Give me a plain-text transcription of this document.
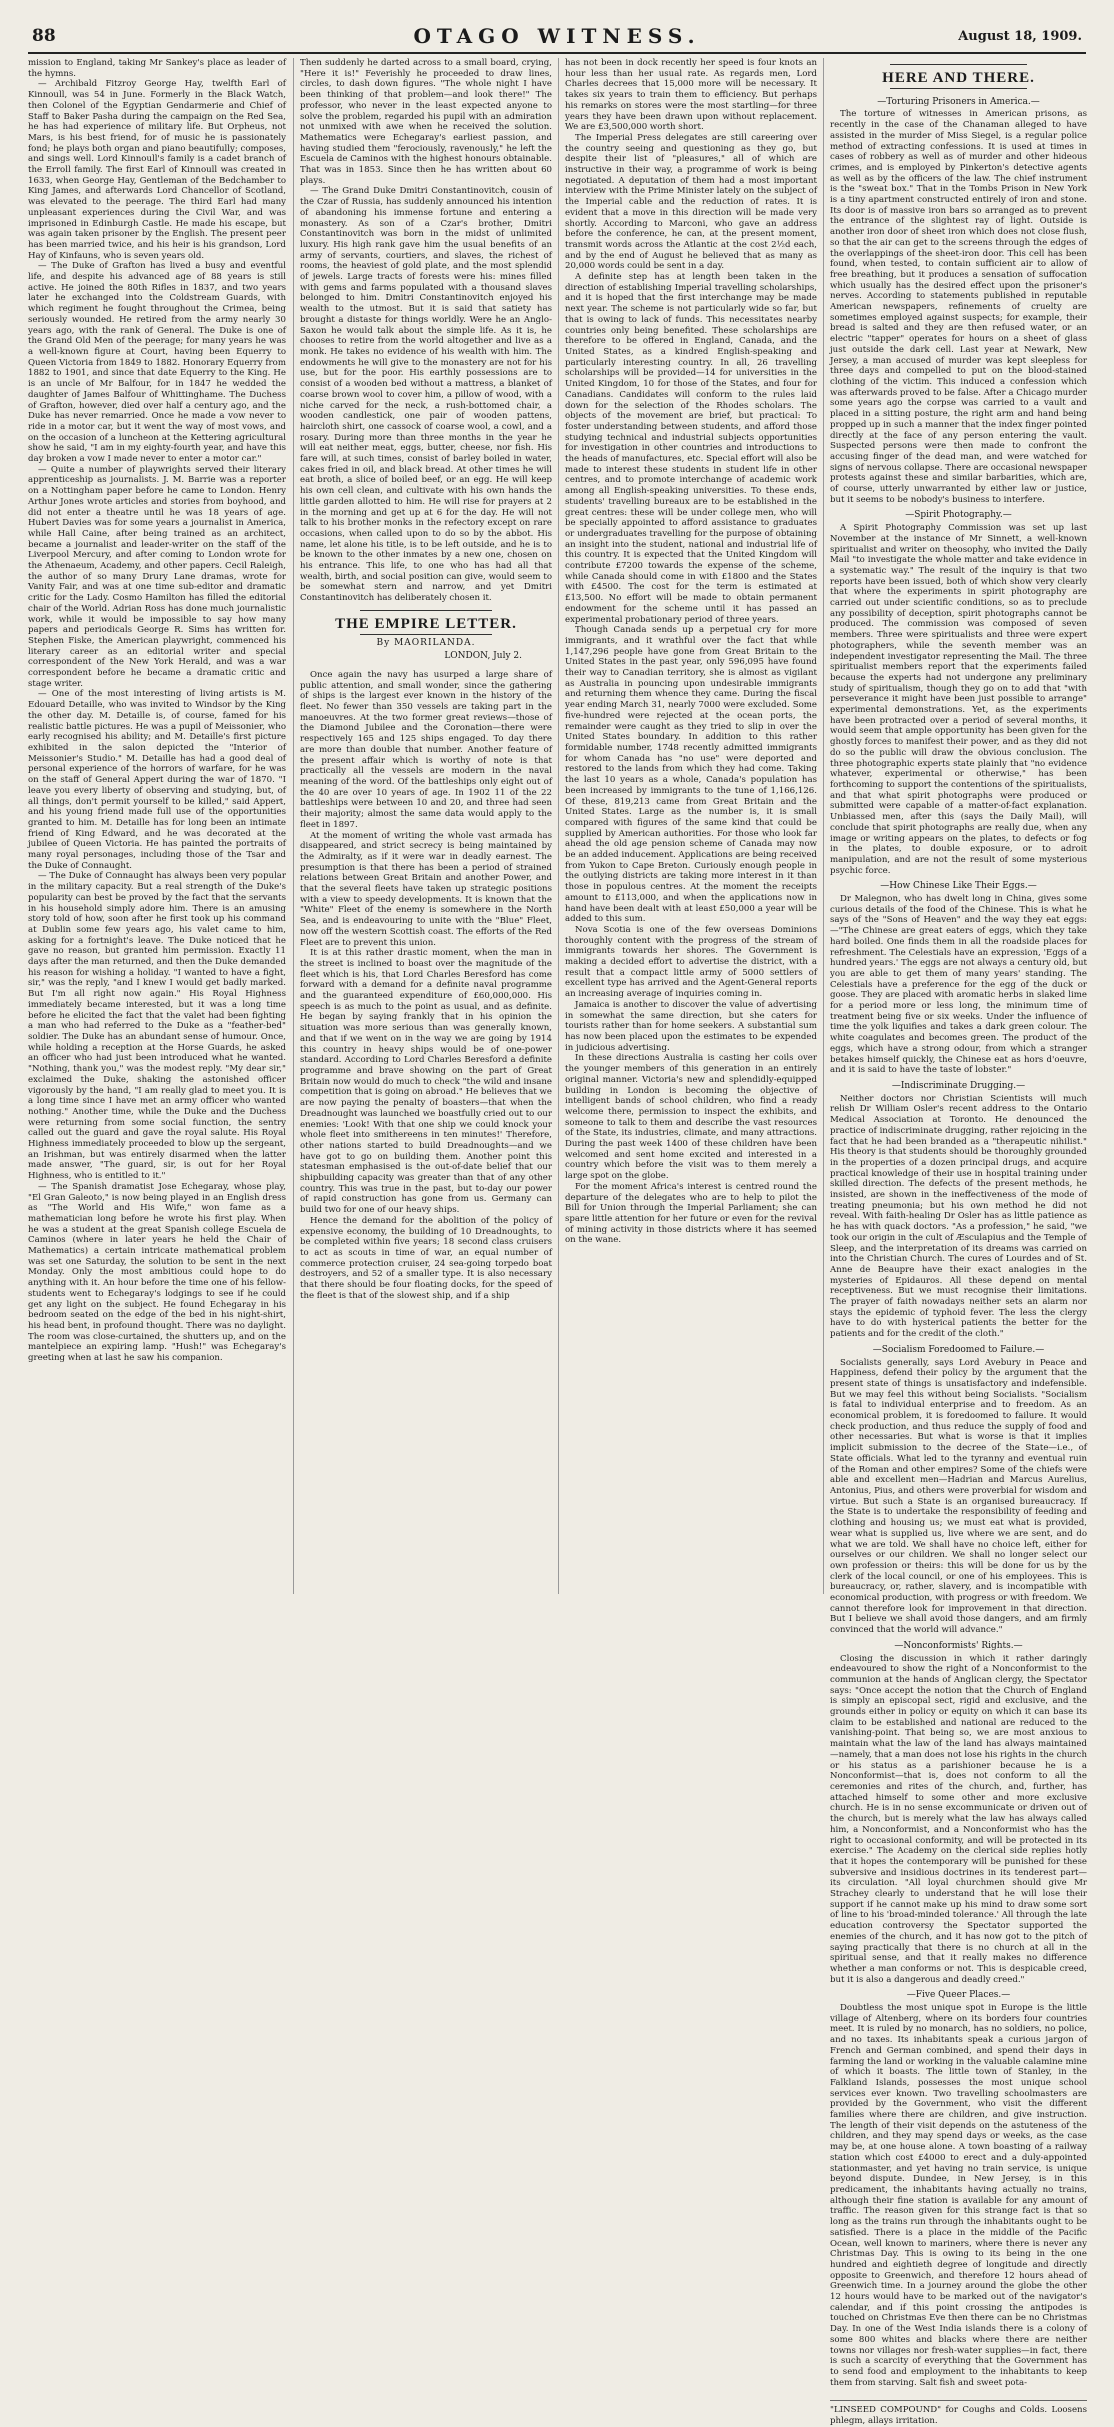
88	OTAGO WITNESS.	August 18, 1909.

mission to England, taking Mr Sankey's place as leader of the hymns.

— Archibald Fitzroy George Hay, twelfth Earl of Kinnoull, was 54 in June. Formerly in the Black Watch, then Colonel of the Egyptian Gendarmerie and Chief of Staff to Baker Pasha during the campaign on the Red Sea, he has had experience of military life. But Orpheus, not Mars, is his best friend, for of music he is passionately fond; he plays both organ and piano beautifully; composes, and sings well. Lord Kinnoull's family is a cadet branch of the Erroll family. The first Earl of Kinnoull was created in 1633, when George Hay, Gentleman of the Bedchamber to King James, and afterwards Lord Chancellor of Scotland, was elevated to the peerage. The third Earl had many unpleasant experiences during the Civil War, and was imprisoned in Edinburgh Castle. He made his escape, but was again taken prisoner by the English. The present peer has been married twice, and his heir is his grandson, Lord Hay of Kinfauns, who is seven years old.

— The Duke of Grafton has lived a busy and eventful life, and despite his advanced age of 88 years is still active. He joined the 80th Rifles in 1837, and two years later he exchanged into the Coldstream Guards, with which regiment he fought throughout the Crimea, being seriously wounded. He retired from the army nearly 30 years ago, with the rank of General. The Duke is one of the Grand Old Men of the peerage; for many years he was a well-known figure at Court, having been Equerry to Queen Victoria from 1849 to 1882. Honorary Equerry from 1882 to 1901, and since that date Equerry to the King. He is an uncle of Mr Balfour, for in 1847 he wedded the daughter of James Balfour of Whittinghame. The Duchess of Grafton, however, died over half a century ago, and the Duke has never remarried. Once he made a vow never to ride in a motor car, but it went the way of most vows, and on the occasion of a luncheon at the Kettering agricultural show he said, "I am in my eighty-fourth year, and have this day broken a vow I made never to enter a motor car."

— Quite a number of playwrights served their literary apprenticeship as journalists. J. M. Barrie was a reporter on a Nottingham paper before he came to London. Henry Arthur Jones wrote articles and stories from boyhood, and did not enter a theatre until he was 18 years of age. Hubert Davies was for some years a journalist in America, while Hall Caine, after being trained as an architect, became a journalist and leader-writer on the staff of the Liverpool Mercury, and after coming to London wrote for the Athenaeum, Academy, and other papers. Cecil Raleigh, the author of so many Drury Lane dramas, wrote for Vanity Fair, and was at one time sub-editor and dramatic critic for the Lady. Cosmo Hamilton has filled the editorial chair of the World. Adrian Ross has done much journalistic work, while it would be impossible to say how many papers and periodicals George R. Sims has written for. Stephen Fiske, the American playwright, commenced his literary career as an editorial writer and special correspondent of the New York Herald, and was a war correspondent before he became a dramatic critic and stage writer.

— One of the most interesting of living artists is M. Edouard Detaille, who was invited to Windsor by the King the other day. M. Detaille is, of course, famed for his realistic battle pictures. He was a pupil of Meissonier, who early recognised his ability; and M. Detaille's first picture exhibited in the salon depicted the "Interior of Meissonier's Studio." M. Detaille has had a good deal of personal experience of the horrors of warfare, for he was on the staff of General Appert during the war of 1870. "I leave you every liberty of observing and studying, but, of all things, don't permit yourself to be killed," said Appert, and his young friend made full use of the opportunities granted to him. M. Detaille has for long been an intimate friend of King Edward, and he was decorated at the jubilee of Queen Victoria. He has painted the portraits of many royal personages, including those of the Tsar and the Duke of Connaught.

— The Duke of Connaught has always been very popular in the military capacity. But a real strength of the Duke's popularity can best be proved by the fact that the servants in his household simply adore him. There is an amusing story told of how, soon after he first took up his command at Dublin some few years ago, his valet came to him, asking for a fortnight's leave. The Duke noticed that he gave no reason, but granted him permission. Exactly 11 days after the man returned, and then the Duke demanded his reason for wishing a holiday. "I wanted to have a fight, sir," was the reply, "and I knew I would get badly marked. But I'm all right now again." His Royal Highness immediately became interested, but it was a long time before he elicited the fact that the valet had been fighting a man who had referred to the Duke as a "feather-bed" soldier. The Duke has an abundant sense of humour. Once, while holding a reception at the Horse Guards, he asked an officer who had just been introduced what he wanted. "Nothing, thank you," was the modest reply. "My dear sir," exclaimed the Duke, shaking the astonished officer vigorously by the hand, "I am really glad to meet you. It is a long time since I have met an army officer who wanted nothing." Another time, while the Duke and the Duchess were returning from some social function, the sentry called out the guard and gave the royal salute. His Royal Highness immediately proceeded to blow up the sergeant, an Irishman, but was entirely disarmed when the latter made answer, "The guard, sir, is out for her Royal Highness, who is entitled to it."

— The Spanish dramatist Jose Echegaray, whose play, "El Gran Galeoto," is now being played in an English dress as "The World and His Wife," won fame as a mathematician long before he wrote his first play. When he was a student at the great Spanish college Escuela de Caminos (where in later years he held the Chair of Mathematics) a certain intricate mathematical problem was set one Saturday, the solution to be sent in the next Monday. Only the most ambitious could hope to do anything with it. An hour before the time one of his fellow-students went to Echegaray's lodgings to see if he could get any light on the subject. He found Echegaray in his bedroom seated on the edge of the bed in his night-shirt, his head bent, in profound thought. There was no daylight. The room was close-curtained, the shutters up, and on the mantelpiece an expiring lamp. "Hush!" was Echegaray's greeting when at last he saw his companion.

Then suddenly he darted across to a small board, crying, "Here it is!" Feverishly he proceeded to draw lines, circles, to dash down figures. "The whole night I have been thinking of that problem—and look there!" The professor, who never in the least expected anyone to solve the problem, regarded his pupil with an admiration not unmixed with awe when he received the solution. Mathematics were Echegaray's earliest passion, and having studied them "ferociously, ravenously," he left the Escuela de Caminos with the highest honours obtainable. That was in 1853. Since then he has written about 60 plays.

— The Grand Duke Dmitri Constantinovitch, cousin of the Czar of Russia, has suddenly announced his intention of abandoning his immense fortune and entering a monastery. As son of a Czar's brother, Dmitri Constantinovitch was born in the midst of unlimited luxury. His high rank gave him the usual benefits of an army of servants, courtiers, and slaves, the richest of rooms, the heaviest of gold plate, and the most splendid of jewels. Large tracts of forests were his: mines filled with gems and farms populated with a thousand slaves belonged to him. Dmitri Constantinovitch enjoyed his wealth to the utmost. But it is said that satiety has brought a distaste for things worldly. Were he an Anglo-Saxon he would talk about the simple life. As it is, he chooses to retire from the world altogether and live as a monk. He takes no evidence of his wealth with him. The endowments he will give to the monastery are not for his use, but for the poor. His earthly possessions are to consist of a wooden bed without a mattress, a blanket of coarse brown wool to cover him, a pillow of wood, with a niche carved for the neck, a rush-bottomed chair, a wooden candlestick, one pair of wooden pattens, haircloth shirt, one cassock of coarse wool, a cowl, and a rosary. During more than three months in the year he will eat neither meat, eggs, butter, cheese, nor fish. His fare will, at such times, consist of barley boiled in water, cakes fried in oil, and black bread. At other times he will eat broth, a slice of boiled beef, or an egg. He will keep his own cell clean, and cultivate with his own hands the little garden allotted to him. He will rise for prayers at 2 in the morning and get up at 6 for the day. He will not talk to his brother monks in the refectory except on rare occasions, when called upon to do so by the abbot. His name, let alone his title, is to be left outside, and he is to be known to the other inmates by a new one, chosen on his entrance. This life, to one who has had all that wealth, birth, and social position can give, would seem to be somewhat stern and narrow, and yet Dmitri Constantinovitch has deliberately chosen it.

THE EMPIRE LETTER.
By MAORILANDA.
LONDON, July 2.

Once again the navy has usurped a large share of public attention, and small wonder, since the gathering of ships is the largest ever known in the history of the fleet. No fewer than 350 vessels are taking part in the manoeuvres. At the two former great reviews—those of the Diamond Jubilee and the Coronation—there were respectively 165 and 125 ships engaged. To day there are more than double that number. Another feature of the present affair which is worthy of note is that practically all the vessels are modern in the naval meaning of the word. Of the battleships only eight out of the 40 are over 10 years of age. In 1902 11 of the 22 battleships were between 10 and 20, and three had seen their majority; almost the same data would apply to the fleet in 1897.

At the moment of writing the whole vast armada has disappeared, and strict secrecy is being maintained by the Admiralty, as if it were war in deadly earnest. The presumption is that there has been a period of strained relations between Great Britain and another Power, and that the several fleets have taken up strategic positions with a view to speedy developments. It is known that the "White" Fleet of the enemy is somewhere in the North Sea, and is endeavouring to unite with the "Blue" Fleet, now off the western Scottish coast. The efforts of the Red Fleet are to prevent this union.

It is at this rather drastic moment, when the man in the street is inclined to boast over the magnitude of the fleet which is his, that Lord Charles Beresford has come forward with a demand for a definite naval programme and the guaranteed expenditure of £60,000,000. His speech is as much to the point as usual, and as definite. He began by saying frankly that in his opinion the situation was more serious than was generally known, and that if we went on in the way we are going by 1914 this country in heavy ships would be of one-power standard. According to Lord Charles Beresford a definite programme and brave showing on the part of Great Britain now would do much to check "the wild and insane competition that is going on abroad." He believes that we are now paying the penalty of boasters—that when the Dreadnought was launched we boastfully cried out to our enemies: 'Look! With that one ship we could knock your whole fleet into smithereens in ten minutes!' Therefore, other nations started to build Dreadnoughts—and we have got to go on building them. Another point this statesman emphasised is the out-of-date belief that our shipbuilding capacity was greater than that of any other country. This was true in the past, but to-day our power of rapid construction has gone from us. Germany can build two for one of our heavy ships.

Hence the demand for the abolition of the policy of expensive economy, the building of 10 Dreadnoughts, to be completed within five years; 18 second class cruisers to act as scouts in time of war, an equal number of commerce protection cruiser, 24 sea-going torpedo boat destroyers, and 52 of a smaller type. It is also necessary that there should be four floating docks, for the speed of the fleet is that of the slowest ship, and if a ship

has not been in dock recently her speed is four knots an hour less than her usual rate. As regards men, Lord Charles decrees that 15,000 more will be necessary. It takes six years to train them to efficiency. But perhaps his remarks on stores were the most startling—for three years they have been drawn upon without replacement. We are £3,500,000 worth short.

The Imperial Press delegates are still careering over the country seeing and questioning as they go, but despite their list of "pleasures," all of which are instructive in their way, a programme of work is being negotiated. A deputation of them had a most important interview with the Prime Minister lately on the subject of the Imperial cable and the reduction of rates. It is evident that a move in this direction will be made very shortly. According to Marconi, who gave an address before the conference, he can, at the present moment, transmit words across the Atlantic at the cost 2½d each, and by the end of August he believed that as many as 20,000 words could be sent in a day.

A definite step has at length been taken in the direction of establishing Imperial travelling scholarships, and it is hoped that the first interchange may be made next year. The scheme is not particularly wide so far, but that is owing to lack of funds. This necessitates nearby countries only being benefited. These scholarships are therefore to be offered in England, Canada, and the United States, as a kindred English-speaking and particularly interesting country. In all, 26 travelling scholarships will be provided—14 for universities in the United Kingdom, 10 for those of the States, and four for Canadians. Candidates will conform to the rules laid down for the selection of the Rhodes scholars. The objects of the movement are brief, but practical: To foster understanding between students, and afford those studying technical and industrial subjects opportunities for investigation in other countries and introductions to the heads of manufactures, etc. Special effort will also be made to interest these students in student life in other centres, and to promote interchange of academic work among all English-speaking universities. To these ends, students' travelling bureaux are to be established in the great centres: these will be under college men, who will be specially appointed to afford assistance to graduates or undergraduates travelling for the purpose of obtaining an insight into the student, national and industrial life of this country. It is expected that the United Kingdom will contribute £7200 towards the expense of the scheme, while Canada should come in with £1800 and the States with £4500. The cost for the term is estimated at £13,500. No effort will be made to obtain permanent endowment for the scheme until it has passed an experimental probationary period of three years.

Though Canada sends up a perpetual cry for more immigrants, and it wrathful over the fact that while 1,147,296 people have gone from Great Britain to the United States in the past year, only 596,095 have found their way to Canadian territory, she is almost as vigilant as Australia in pouncing upon undesirable immigrants and returning them whence they came. During the fiscal year ending March 31, nearly 7000 were excluded. Some five-hundred were rejected at the ocean ports, the remainder were caught as they tried to slip in over the United States boundary. In addition to this rather formidable number, 1748 recently admitted immigrants for whom Canada has "no use" were deported and restored to the lands from which they had come. Taking the last 10 years as a whole, Canada's population has been increased by immigrants to the tune of 1,166,126. Of these, 819,213 came from Great Britain and the United States. Large as the number is, it is small compared with figures of the same kind that could be supplied by American authorities. For those who look far ahead the old age pension scheme of Canada may now be an added inducement. Applications are being received from Yukon to Cape Breton. Curiously enough people in the outlying districts are taking more interest in it than those in populous centres. At the moment the receipts amount to £113,000, and when the applications now in hand have been dealt with at least £50,000 a year will be added to this sum.

Nova Scotia is one of the few overseas Dominions thoroughly content with the progress of the stream of immigrants towards her shores. The Government is making a decided effort to advertise the district, with a result that a compact little army of 5000 settlers of excellent type has arrived and the Agent-General reports an increasing average of inquiries coming in.

Jamaica is another to discover the value of advertising in somewhat the same direction, but she caters for tourists rather than for home seekers. A substantial sum has now been placed upon the estimates to be expended in judicious advertising.

In these directions Australia is casting her coils over the younger members of this generation in an entirely original manner. Victoria's new and splendidly-equipped building in London is becoming the objective of intelligent bands of school children, who find a ready welcome there, permission to inspect the exhibits, and someone to talk to them and describe the vast resources of the State, its industries, climate, and many attractions. During the past week 1400 of these children have been welcomed and sent home excited and interested in a country which before the visit was to them merely a large spot on the globe.

For the moment Africa's interest is centred round the departure of the delegates who are to help to pilot the Bill for Union through the Imperial Parliament; she can spare little attention for her future or even for the revival of mining activity in those districts where it has seemed on the wane.

HERE AND THERE.
—Torturing Prisoners in America.—

The torture of witnesses in American prisons, as recently in the case of the Chanaman alleged to have assisted in the murder of Miss Siegel, is a regular police method of extracting confessions. It is used at times in cases of robbery as well as of murder and other hideous crimes, and is employed by Pinkerton's detective agents as well as by the officers of the law. The chief instrument is the "sweat box." That in the Tombs Prison in New York is a tiny apartment constructed entirely of iron and stone. Its door is of massive iron bars so arranged as to prevent the entrance of the slightest ray of light. Outside is another iron door of sheet iron which does not close flush, so that the air can get to the screens through the edges of the overlappings of the sheet-iron door. This cell has been found, when tested, to contain sufficient air to allow of free breathing, but it produces a sensation of suffocation which usually has the desired effect upon the prisoner's nerves. According to statements published in reputable American newspapers, refinements of cruelty are sometimes employed against suspects; for example, their bread is salted and they are then refused water, or an electric "tapper" operates for hours on a sheet of glass just outside the dark cell. Last year at Newark, New Jersey, a man accused of murder was kept sleepless for three days and compelled to put on the blood-stained clothing of the victim. This induced a confession which was afterwards proved to be false. After a Chicago murder some years ago the corpse was carried to a vault and placed in a sitting posture, the right arm and hand being propped up in such a manner that the index finger pointed directly at the face of any person entering the vault. Suspected persons were then made to confront the accusing finger of the dead man, and were watched for signs of nervous collapse. There are occasional newspaper protests against these and similar barbarities, which are, of course, utterly unwarranted by either law or justice, but it seems to be nobody's business to interfere.

—Spirit Photography.—

A Spirit Photography Commission was set up last November at the instance of Mr Sinnett, a well-known spiritualist and writer on theosophy, who invited the Daily Mail "to investigate the whole matter and take evidence in a systematic way." The result of the inquiry is that two reports have been issued, both of which show very clearly that where the experiments in spirit photography are carried out under scientific conditions, so as to preclude any possibility of deception, spirit photographs cannot be produced. The commission was composed of seven members. Three were spiritualists and three were expert photographers, while the seventh member was an independent investigator representing the Mail. The three spiritualist members report that the experiments failed because the experts had not undergone any preliminary study of spiritualism, though they go on to add that "with perseverance it might have been just possible to arrange" experimental demonstrations. Yet, as the experiments have been protracted over a period of several months, it would seem that ample opportunity has been given for the ghostly forces to manifest their power, and as they did not do so the public will draw the obvious conclusion. The three photographic experts state plainly that "no evidence whatever, experimental or otherwise," has been forthcoming to support the contentions of the spiritualists, and that what spirit photographs were produced or submitted were capable of a matter-of-fact explanation. Unbiassed men, after this (says the Daily Mail), will conclude that spirit photographs are really due, when any image or writing appears on the plates, to defects or fog in the plates, to double exposure, or to adroit manipulation, and are not the result of some mysterious psychic force.

—How Chinese Like Their Eggs.—

Dr Malegnon, who has dwelt long in China, gives some curious details of the food of the Chinese. This is what he says of the "Sons of Heaven" and the way they eat eggs:—"The Chinese are great eaters of eggs, which they take hard boiled. One finds them in all the roadside places for refreshment. The Celestials have an expression, 'Eggs of a hundred years.' The eggs are not always a century old, but you are able to get them of many years' standing. The Celestials have a preference for the egg of the duck or goose. They are placed with aromatic herbs in slaked lime for a period more or less long, the minimum time of treatment being five or six weeks. Under the influence of time the yolk liquifies and takes a dark green colour. The white coagulates and becomes green. The product of the eggs, which have a strong odour, from which a stranger betakes himself quickly, the Chinese eat as hors d'oeuvre, and it is said to have the taste of lobster."

—Indiscriminate Drugging.—

Neither doctors nor Christian Scientists will much relish Dr William Osler's recent address to the Ontario Medical Association at Toronto. He denounced the practice of indiscriminate drugging, rather rejoicing in the fact that he had been branded as a "therapeutic nihilist." His theory is that students should be thoroughly grounded in the properties of a dozen principal drugs, and acquire practical knowledge of their use in hospital training under skilled direction. The defects of the present methods, he insisted, are shown in the ineffectiveness of the mode of treating pneumonia; but his own method he did not reveal. With faith-healing Dr Osler has as little patience as he has with quack doctors. "As a profession," he said, "we took our origin in the cult of Æsculapius and the Temple of

Sleep, and the interpretation of its dreams was carried on into the Christian Church. The cures of Lourdes and of St. Anne de Beaupre have their exact analogies in the mysteries of Epidauros. All these depend on mental receptiveness. But we must recognise their limitations. The prayer of faith nowadays neither sets an alarm nor stays the epidemic of typhoid fever. The less the clergy have to do with hysterical patients the better for the patients and for the credit of the cloth."

—Socialism Foredoomed to Failure.—

Socialists generally, says Lord Avebury in Peace and Happiness, defend their policy by the argument that the present state of things is unsatisfactory and indefensible. But we may feel this without being Socialists. "Socialism is fatal to individual enterprise and to freedom. As an economical problem, it is foredoomed to failure. It would check production, and thus reduce the supply of food and other necessaries. But what is worse is that it implies implicit submission to the decree of the State—i.e., of State officials. What led to the tyranny and eventual ruin of the Roman and other empires? Some of the chiefs were able and excellent men—Hadrian and Marcus Aurelius, Antonius, Pius, and others were proverbial for wisdom and virtue. But such a State is an organised bureaucracy. If the State is to undertake the responsibility of feeding and clothing and housing us; we must eat what is provided, wear what is supplied us, live where we are sent, and do what we are told. We shall have no choice left, either for ourselves or our children. We shall no longer select our own profession or theirs: this will be done for us by the clerk of the local council, or one of his employees. This is bureaucracy, or, rather, slavery, and is incompatible with economical production, with progress or with freedom. We cannot therefore look for improvement in that direction. But I believe we shall avoid those dangers, and am firmly convinced that the world will advance."

—Nonconformists' Rights.—

Closing the discussion in which it rather daringly endeavoured to show the right of a Nonconformist to the communion at the hands of Anglican clergy, the Spectator says: "Once accept the notion that the Church of England is simply an episcopal sect, rigid and exclusive, and the grounds either in policy or equity on which it can base its claim to be established and national are reduced to the vanishing-point. That being so, we are most anxious to maintain what the law of the land has always maintained—namely, that a man does not lose his rights in the church or his status as a parishioner because he is a Nonconformist—that is, does not conform to all the ceremonies and rites of the church, and, further, has attached himself to some other and more exclusive church. He is in no sense excommunicate or driven out of the church, but is merely what the law has always called him, a Nonconformist, and a Nonconformist who has the right to occasional conformity, and will be protected in its exercise." The Academy on the clerical side replies hotly that it hopes the contemporary will be punished for these subversive and insidious doctrines in its tenderest part—its circulation. "All loyal churchmen should give Mr Strachey clearly to understand that he will lose their support if he cannot make up his mind to draw some sort of line to his 'broad-minded tolerance.' All through the late education controversy the Spectator supported the enemies of the church, and it has now got to the pitch of saying practically that there is no church at all in the spiritual sense, and that it really makes no difference whether a man conforms or not. This is despicable creed, but it is also a dangerous and deadly creed."

—Five Queer Places.—

Doubtless the most unique spot in Europe is the little village of Altenberg, where on its borders four countries meet. It is ruled by no monarch, has no soldiers, no police, and no taxes. Its inhabitants speak a curious jargon of French and German combined, and spend their days in farming the land or working in the valuable calamine mine of which it boasts. The little town of Stanley, in the Falkland Islands, possesses the most unique school services ever known. Two travelling schoolmasters are provided by the Government, who visit the different families where there are children, and give instruction. The length of their visit depends on the astuteness of the children, and they may spend days or weeks, as the case may be, at one house alone. A town boasting of a railway station which cost £4000 to erect and a duly-appointed stationmaster, and yet having no train service, is unique beyond dispute. Dundee, in New Jersey, is in this predicament, the inhabitants having actually no trains, although their fine station is available for any amount of traffic. The reason given for this strange fact is that so long as the trains run through the inhabitants ought to be satisfied. There is a place in the middle of the Pacific Ocean, well known to mariners, where there is never any Christmas Day. This is owing to its being in the one hundred and eightieth degree of longitude and directly opposite to Greenwich, and therefore 12 hours ahead of Greenwich time. In a journey around the globe the other 12 hours would have to be marked out of the navigator's calendar, and if this point crossing the antipodes is touched on Christmas Eve then there can be no Christmas Day. In one of the West India islands there is a colony of some 800 whites and blacks where there are neither towns nor villages nor fresh-water supplies—in fact, there is such a scarcity of everything that the Government has to send food and employment to the inhabitants to keep them from starving. Salt fish and sweet pota-

"LINSEED COMPOUND" for Coughs and Colds. Loosens phlegm, allays irritation.
